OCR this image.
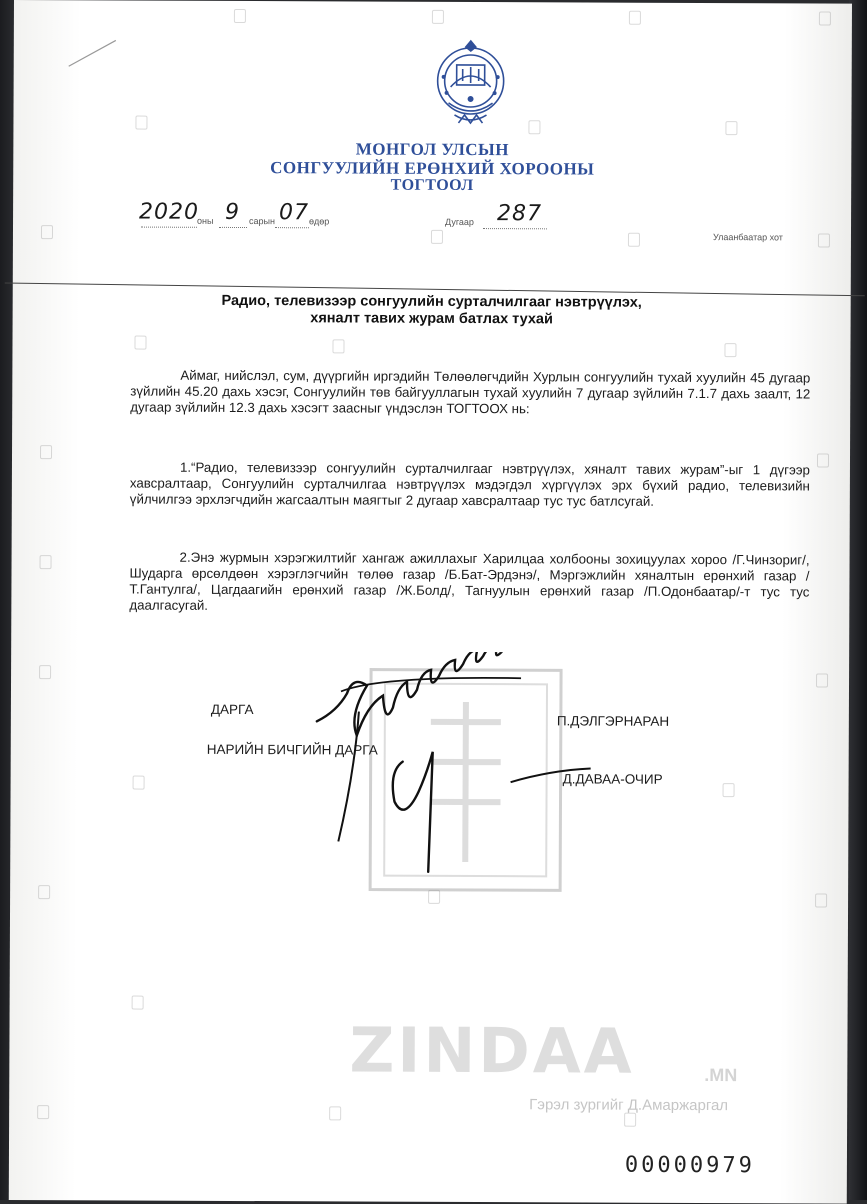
МОНГОЛ УЛСЫН
СОНГУУЛИЙН ЕРӨНХИЙ ХОРООНЫ
ТОГТООЛ
2020
оны 9 сарын 07 өдөр	Дугаар 287
Улаанбаатар хот
Радио, телевизээр сонгуулийн сурталчилгааг нэвтрүүлэх,
хяналт тавих журам батлах тухай
Аймаг, нийслэл, сум, дүүргийн иргэдийн Төлөөлөгчдийн Хурлын сонгуулийн тухай хуулийн 45 дугаар зүйлийн 45.20 дахь хэсэг, Сонгуулийн төв байгууллагын тухай хуулийн 7 дугаар зүйлийн 7.1.7 дахь заалт, 12 дугаар зүйлийн 12.3 дахь хэсэгт заасныг үндэслэн ТОГТООХ нь:
1.“Радио, телевизээр сонгуулийн сурталчилгааг нэвтрүүлэх, хяналт тавих журам”-ыг 1 дүгээр хавсралтаар, Сонгуулийн сурталчилгаа нэвтрүүлэх мэдэгдэл хүргүүлэх эрх бүхий радио, телевизийн үйлчилгээ эрхлэгчдийн жагсаалтын маягтыг 2 дугаар хавсралтаар тус тус батлсугай.
2.Энэ журмын хэрэгжилтийг хангаж ажиллахыг Харилцаа холбооны зохицуулах хороо /Г.Чинзориг/, Шударга өрсөлдөөн хэрэглэгчийн төлөө газар /Б.Бат-Эрдэнэ/, Мэргэжлийн хяналтын ерөнхий газар /Т.Гантулга/, Цагдаагийн ерөнхий газар /Ж.Болд/, Тагнуулын ерөнхий газар /П.Одонбаатар/-т тус тус даалгасугай.
ДАРГА
П.ДЭЛГЭРНАРАН
НАРИЙН БИЧГИЙН ДАРГА
Д.ДАВАА-ОЧИР
ZINDAA	.MN
Гэрэл зургийг Д.Амаржаргал
00000979
